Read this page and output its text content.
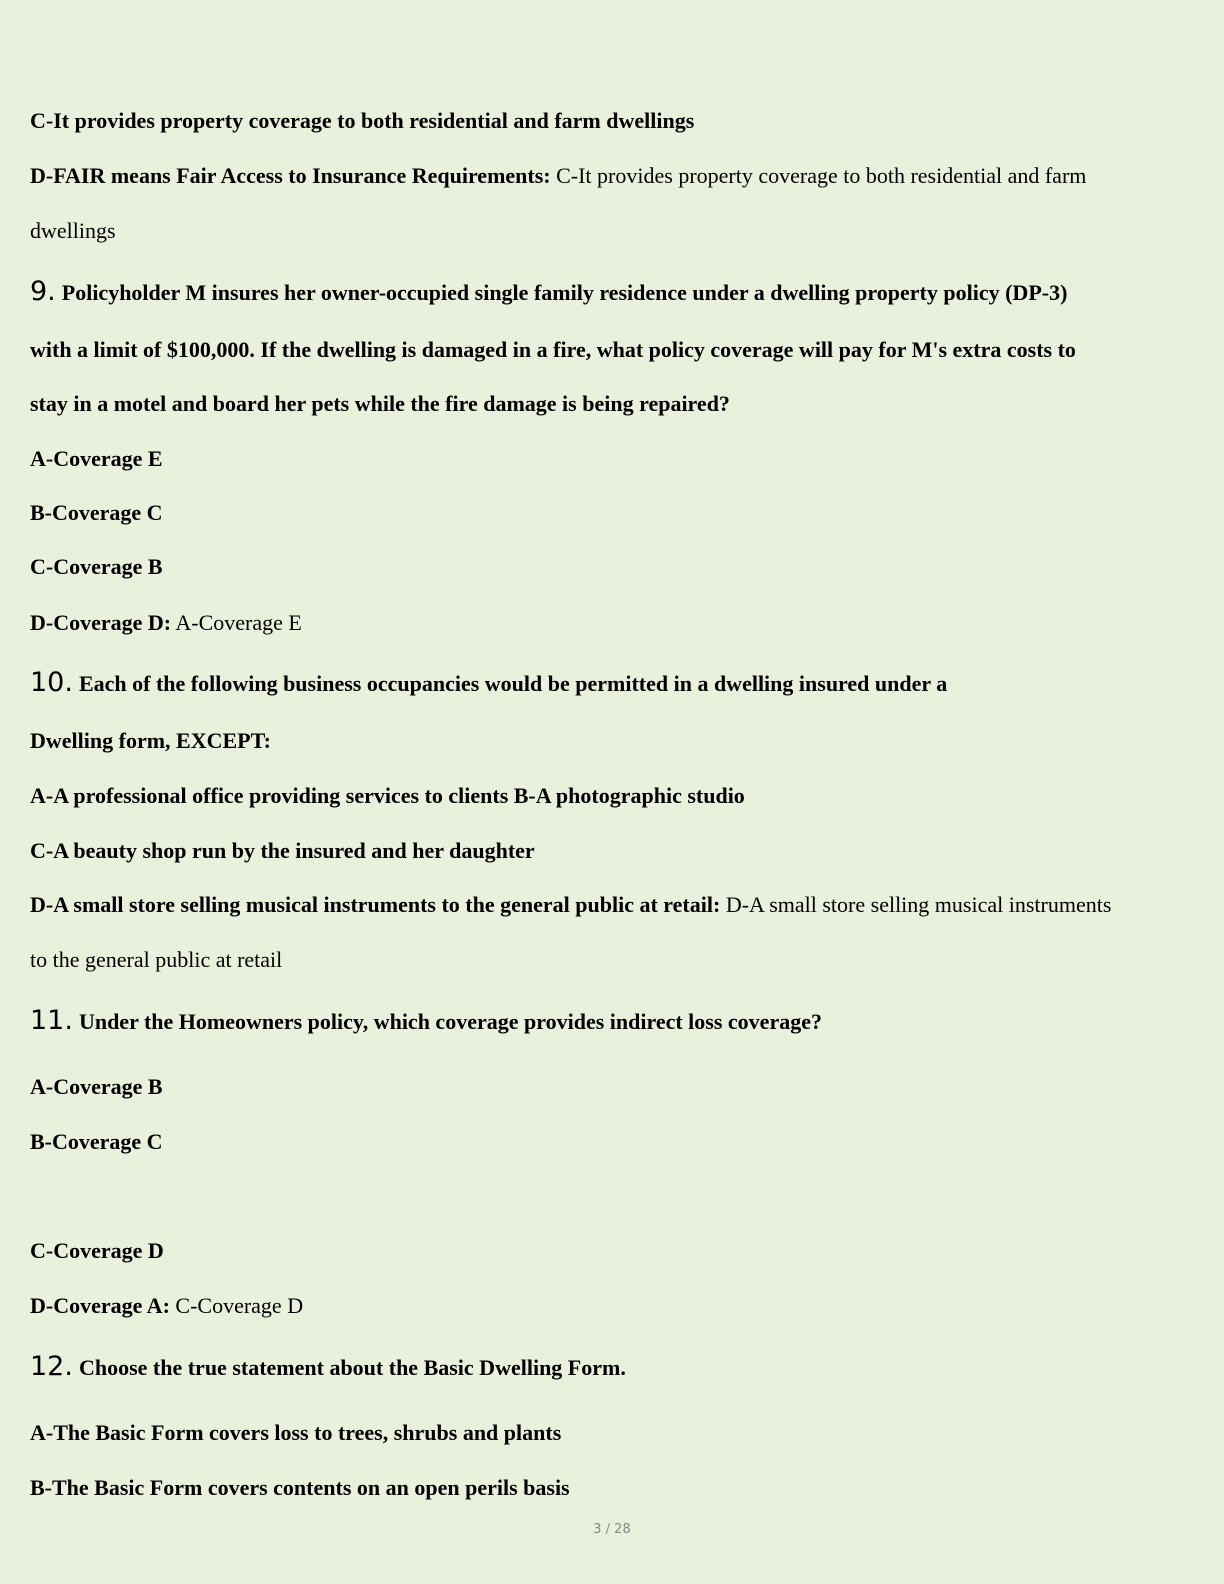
C-It provides property coverage to both residential and farm dwellings
D-FAIR means Fair Access to Insurance Requirements: C-It provides property coverage to both residential and farm
dwellings
9. Policyholder M insures her owner-occupied single family residence under a dwelling property policy (DP-3)
with a limit of $100,000. If the dwelling is damaged in a fire, what policy coverage will pay for M's extra costs to
stay in a motel and board her pets while the fire damage is being repaired?
A-Coverage E
B-Coverage C
C-Coverage B
D-Coverage D: A-Coverage E
10. Each of the following business occupancies would be permitted in a dwelling insured under a
Dwelling form, EXCEPT:
A-A professional office providing services to clients B-A photographic studio
C-A beauty shop run by the insured and her daughter
D-A small store selling musical instruments to the general public at retail: D-A small store selling musical instruments
to the general public at retail
11. Under the Homeowners policy, which coverage provides indirect loss coverage?
A-Coverage B
B-Coverage C
C-Coverage D
D-Coverage A: C-Coverage D
12. Choose the true statement about the Basic Dwelling Form.
A-The Basic Form covers loss to trees, shrubs and plants
B-The Basic Form covers contents on an open perils basis
3 / 28
